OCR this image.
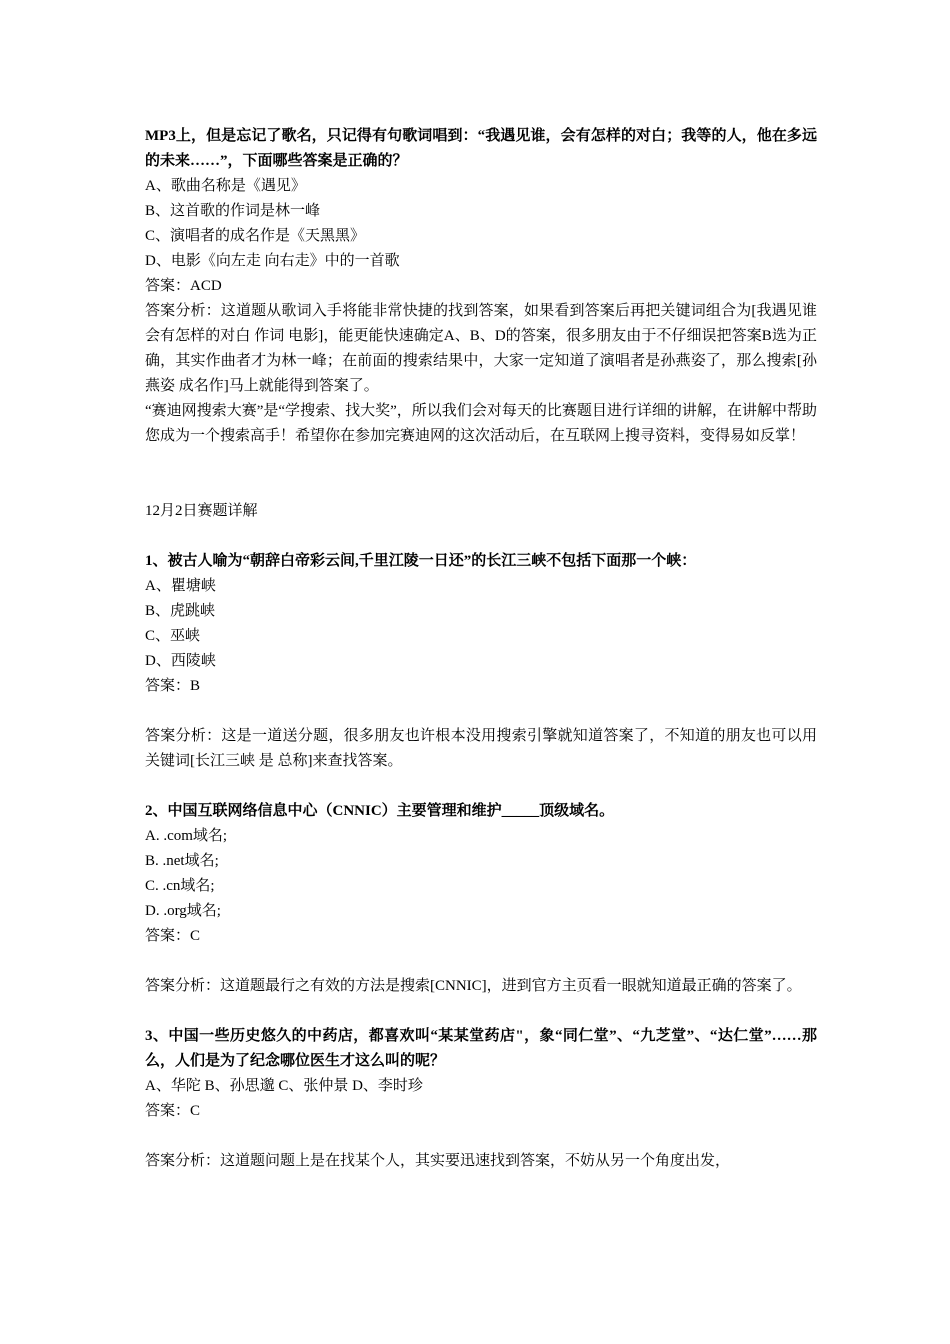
MP3上，但是忘记了歌名，只记得有句歌词唱到：“我遇见谁，会有怎样的对白；我等的人，他在多远的未来……”，下面哪些答案是正确的？

A、歌曲名称是《遇见》

B、这首歌的作词是林一峰

C、演唱者的成名作是《天黑黑》

D、电影《向左走 向右走》中的一首歌

答案：ACD

答案分析：这道题从歌词入手将能非常快捷的找到答案，如果看到答案后再把关键词组合为[我遇见谁 会有怎样的对白 作词 电影]，能更能快速确定A、B、D的答案，很多朋友由于不仔细误把答案B选为正确，其实作曲者才为林一峰；在前面的搜索结果中，大家一定知道了演唱者是孙燕姿了，那么搜索[孙燕姿 成名作]马上就能得到答案了。

“赛迪网搜索大赛”是“学搜索、找大奖”，所以我们会对每天的比赛题目进行详细的讲解，在讲解中帮助您成为一个搜索高手！希望你在参加完赛迪网的这次活动后，在互联网上搜寻资料，变得易如反掌！

12月2日赛题详解

1、被古人喻为“朝辞白帝彩云间,千里江陵一日还”的长江三峡不包括下面那一个峡：

A、瞿塘峡

B、虎跳峡

C、巫峡

D、西陵峡

答案：B

答案分析：这是一道送分题，很多朋友也许根本没用搜索引擎就知道答案了，不知道的朋友也可以用关键词[长江三峡 是 总称]来查找答案。

2、中国互联网络信息中心（CNNIC）主要管理和维护_____顶级域名。

A. .com域名;

B. .net域名;

C. .cn域名;

D. .org域名;

答案：C

答案分析：这道题最行之有效的方法是搜索[CNNIC]，进到官方主页看一眼就知道最正确的答案了。

3、中国一些历史悠久的中药店，都喜欢叫“某某堂药店"，象“同仁堂”、“九芝堂”、“达仁堂”……那么，人们是为了纪念哪位医生才这么叫的呢？

A、华陀 B、孙思邈 C、张仲景 D、李时珍

答案：C

答案分析：这道题问题上是在找某个人，其实要迅速找到答案，不妨从另一个角度出发，
